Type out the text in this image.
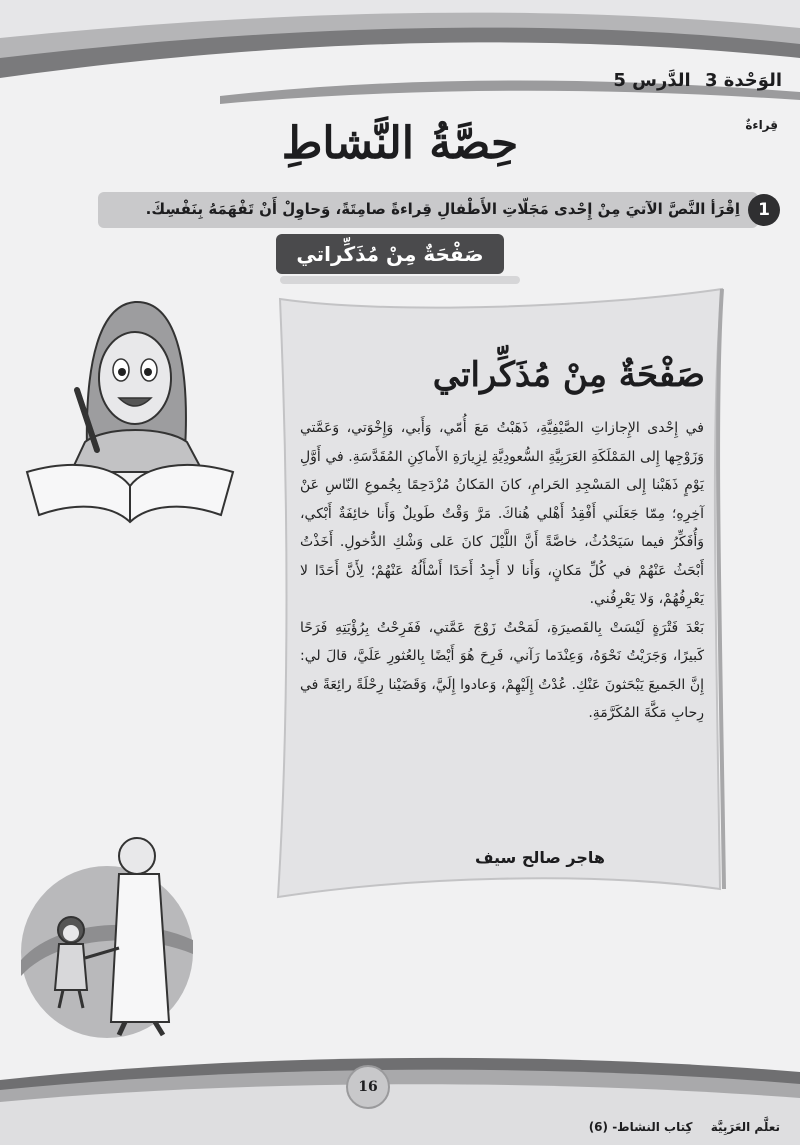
الوَحْدة 3 الدَّرس 5
قِراءةٌ
حِصَّةُ النَّشاطِ
1
اِقْرَأ النَّصَّ الآتيَ مِنْ إِحْدى مَجَلّاتِ الأَطْفالِ قِراءةً صامِتَةً، وَحاوِلْ أَنْ تَفْهَمَهُ بِنَفْسِكَ.
صَفْحَةٌ مِنْ مُذَكِّراتي
صَفْحَةٌ مِنْ مُذَكِّراتي

في إِحْدى الإِجازاتِ الصَّيْفِيَّةِ، ذَهَبْتُ مَعَ أُمّي، وَأَبي، وَإِخْوَتي، وَعَمَّتي وَزَوْجِها إِلى المَمْلَكَةِ العَرَبِيَّةِ السُّعودِيَّةِ لِزِيارَةِ الأَماكِنِ المُقَدَّسَةِ. في أَوَّلِ يَوْمٍ ذَهَبْنا إِلى المَسْجِدِ الحَرامِ، كانَ المَكانُ مُزْدَحِمًا بِجُموعِ النّاسِ عَنْ آخِرِهِ؛ مِمّا جَعَلَني أَفْقِدُ أَهْلي هُناكَ. مَرَّ وَقْتٌ طَويلٌ وَأَنا خائِفَةٌ أَبْكي، وَأُفَكِّرُ فيما سَيَحْدُثُ، خاصَّةً أَنَّ اللَّيْلَ كانَ عَلى وَشْكِ الدُّخولِ. أَخَذْتُ أَبْحَثُ عَنْهُمْ في كُلِّ مَكانٍ، وَأَنا لا أَجِدُ أَحَدًا أَسْأَلُهُ عَنْهُمْ؛ لِأَنَّ أَحَدًا لا يَعْرِفُهُمْ، وَلا يَعْرِفُني.

بَعْدَ فَتْرَةٍ لَيْسَتْ بِالقَصيرَةِ، لَمَحْتُ زَوْجَ عَمَّتي، فَفَرِحْتُ بِرُؤْيَتِهِ فَرَحًا كَبيرًا، وَجَرَيْتُ نَحْوَهُ، وَعِنْدَما رَآني، فَرِحَ هُوَ أَيْضًا بِالعُثورِ عَلَيَّ، قالَ لي: إِنَّ الجَميعَ يَبْحَثونَ عَنْكِ. عُدْتُ إِلَيْهِمْ، وَعادوا إِلَيَّ، وَقَضَيْنا رِحْلَةً رائِعَةً في رِحابِ مَكَّةَ المُكَرَّمَةِ.

هاجر صالح سيف
16
تعلَّم العَرَبِيَّة كِتاب النشاط- (6)
